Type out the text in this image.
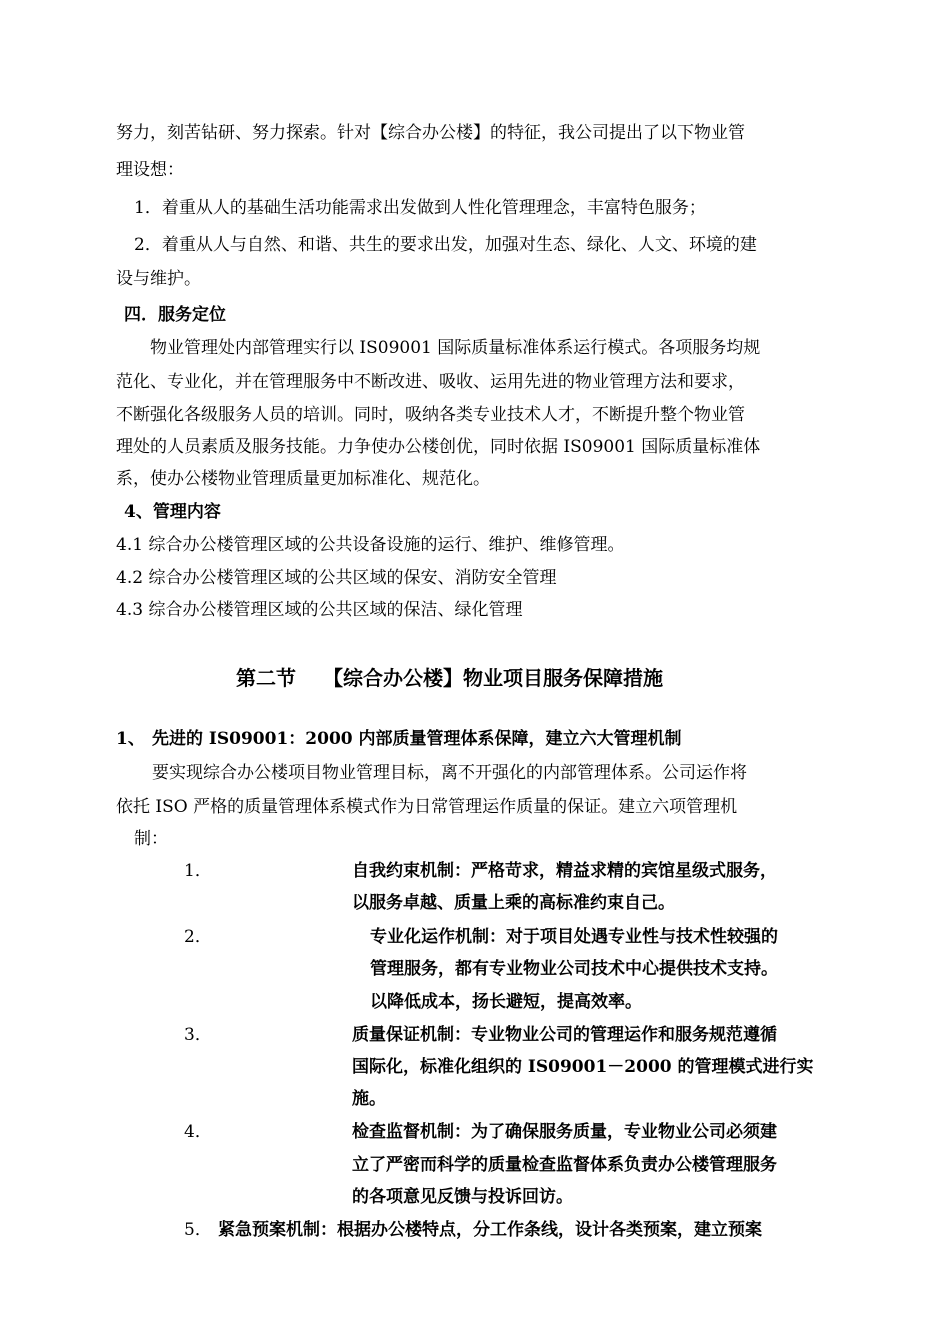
努力，刻苦钻研、努力探索。针对【综合办公楼】的特征，我公司提出了以下物业管
理设想：
1．着重从人的基础生活功能需求出发做到人性化管理理念，丰富特色服务；
2．着重从人与自然、和谐、共生的要求出发，加强对生态、绿化、人文、环境的建
设与维护。
四．服务定位
物业管理处内部管理实行以 IS09001 国际质量标准体系运行模式。各项服务均规
范化、专业化，并在管理服务中不断改进、吸收、运用先进的物业管理方法和要求，
不断强化各级服务人员的培训。同时，吸纳各类专业技术人才，不断提升整个物业管
理处的人员素质及服务技能。力争使办公楼创优，同时依据 IS09001 国际质量标准体
系，使办公楼物业管理质量更加标准化、规范化。
4、管理内容
4.1 综合办公楼管理区域的公共设备设施的运行、维护、维修管理。
4.2 综合办公楼管理区域的公共区域的保安、消防安全管理
4.3 综合办公楼管理区域的公共区域的保洁、绿化管理
第二节 【综合办公楼】物业项目服务保障措施
1、 先进的 IS09001：2000 内部质量管理体系保障，建立六大管理机制
要实现综合办公楼项目物业管理目标，离不开强化的内部管理体系。公司运作将
依托 ISO 严格的质量管理体系模式作为日常管理运作质量的保证。建立六项管理机
制：
1．	自我约束机制：严格苛求，精益求精的宾馆星级式服务，
以服务卓越、质量上乘的高标准约束自己。
2．	专业化运作机制：对于项目处遇专业性与技术性较强的
管理服务，都有专业物业公司技术中心提供技术支持。
以降低成本，扬长避短，提高效率。
3．	质量保证机制：专业物业公司的管理运作和服务规范遵循
国际化，标准化组织的 IS09001－2000 的管理模式进行实
施。
4．	检查监督机制：为了确保服务质量，专业物业公司必须建
立了严密而科学的质量检查监督体系负责办公楼管理服务
的各项意见反馈与投诉回访。
5． 紧急预案机制：根据办公楼特点，分工作条线，设计各类预案，建立预案
